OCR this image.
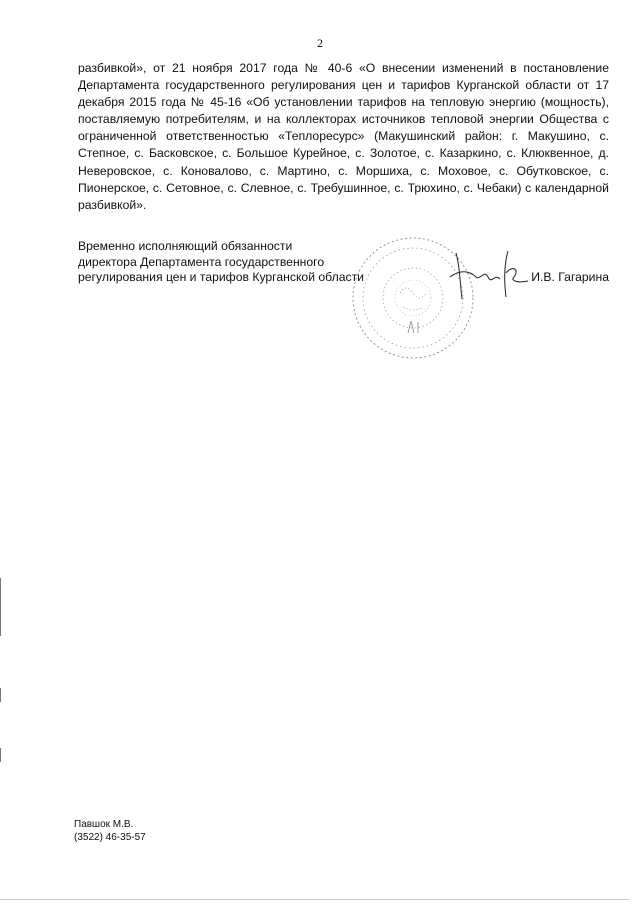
2

разбивкой», от 21 ноября 2017 года № 40-6 «О внесении изменений в постановление Департамента государственного регулирования цен и тарифов Курганской области от 17 декабря 2015 года № 45-16 «Об установлении тарифов на тепловую энергию (мощность), поставляемую потребителям, и на коллекторах источников тепловой энергии Общества с ограниченной ответственностью «Теплоресурс» (Макушинский район: г. Макушино, с. Степное, с. Басковское, с. Большое Курейное, с. Золотое, с. Казаркино, с. Клюквенное, д. Неверовское, с. Коновалово, с. Мартино, с. Моршиха, с. Моховое, с. Обутковское, с. Пионерское, с. Сетовное, с. Слевное, с. Требушинное, с. Трюхино, с. Чебаки) с календарной разбивкой».

Временно исполняющий обязанности
директора Департамента государственного
регулирования цен и тарифов Курганской области	И.В. Гагарина
Павшок М.В.
(3522) 46-35-57
